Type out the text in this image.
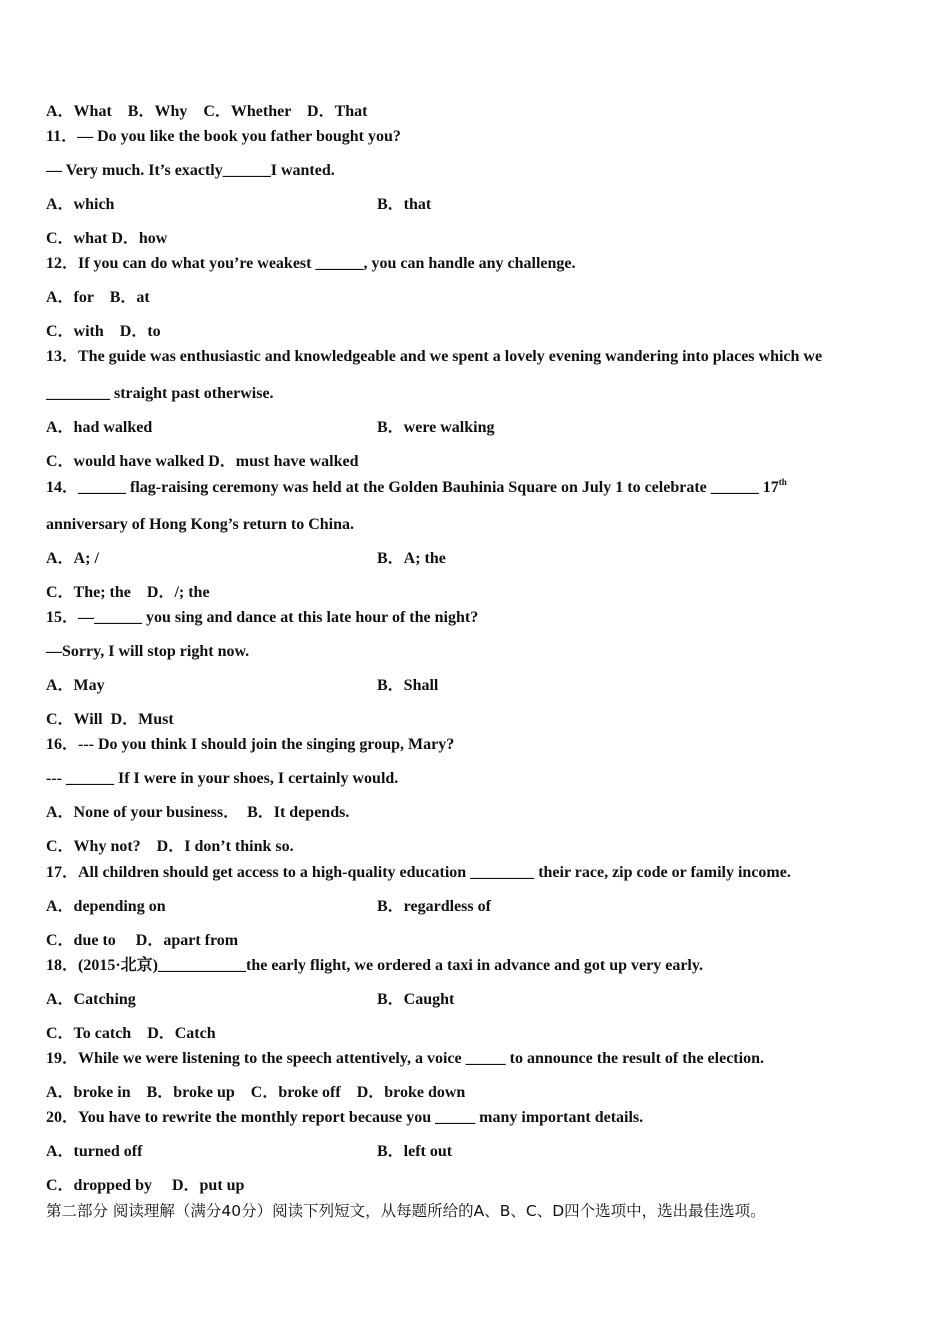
A．What　B．Why　C．Whether　D．That
11．— Do you like the book you father bought you?
— Very much. It’s exactly______I wanted.
A．which	B．that
C．what D．how
12．If you can do what you’re weakest ______, you can handle any challenge.
A．for　B．at
C．with　D．to
13．The guide was enthusiastic and knowledgeable and we spent a lovely evening wandering into places which we
________ straight past otherwise.
A．had walked	B．were walking
C．would have walked D．must have walked
14．______ flag-raising ceremony was held at the Golden Bauhinia Square on July 1 to celebrate ______ 17th
anniversary of Hong Kong’s return to China.
A．A; /	B．A; the
C．The; the　D．/; the
15．—______ you sing and dance at this late hour of the night?
—Sorry, I will stop right now.
A．May	B．Shall
C．Will  D．Must
16．--- Do you think I should join the singing group, Mary?
--- ______ If I were in your shoes, I certainly would.
A．None of your business．　B．It depends.
C．Why not?　D．I don’t think so.
17．All children should get access to a high-quality education ________ their race, zip code or family income.
A．depending on	B．regardless of
C．due to　 D．apart from
18．(2015·北京)___________the early flight, we ordered a taxi in advance and got up very early.
A．Catching	B．Caught
C．To catch　D．Catch
19．While we were listening to the speech attentively, a voice _____ to announce the result of the election.
A．broke in　B．broke up　C．broke off　D．broke down
20．You have to rewrite the monthly report because you _____ many important details.
A．turned off	B．left out
C．dropped by　 D．put up
第二部分 阅读理解（满分40分）阅读下列短文，从每题所给的A、B、C、D四个选项中，选出最佳选项。
